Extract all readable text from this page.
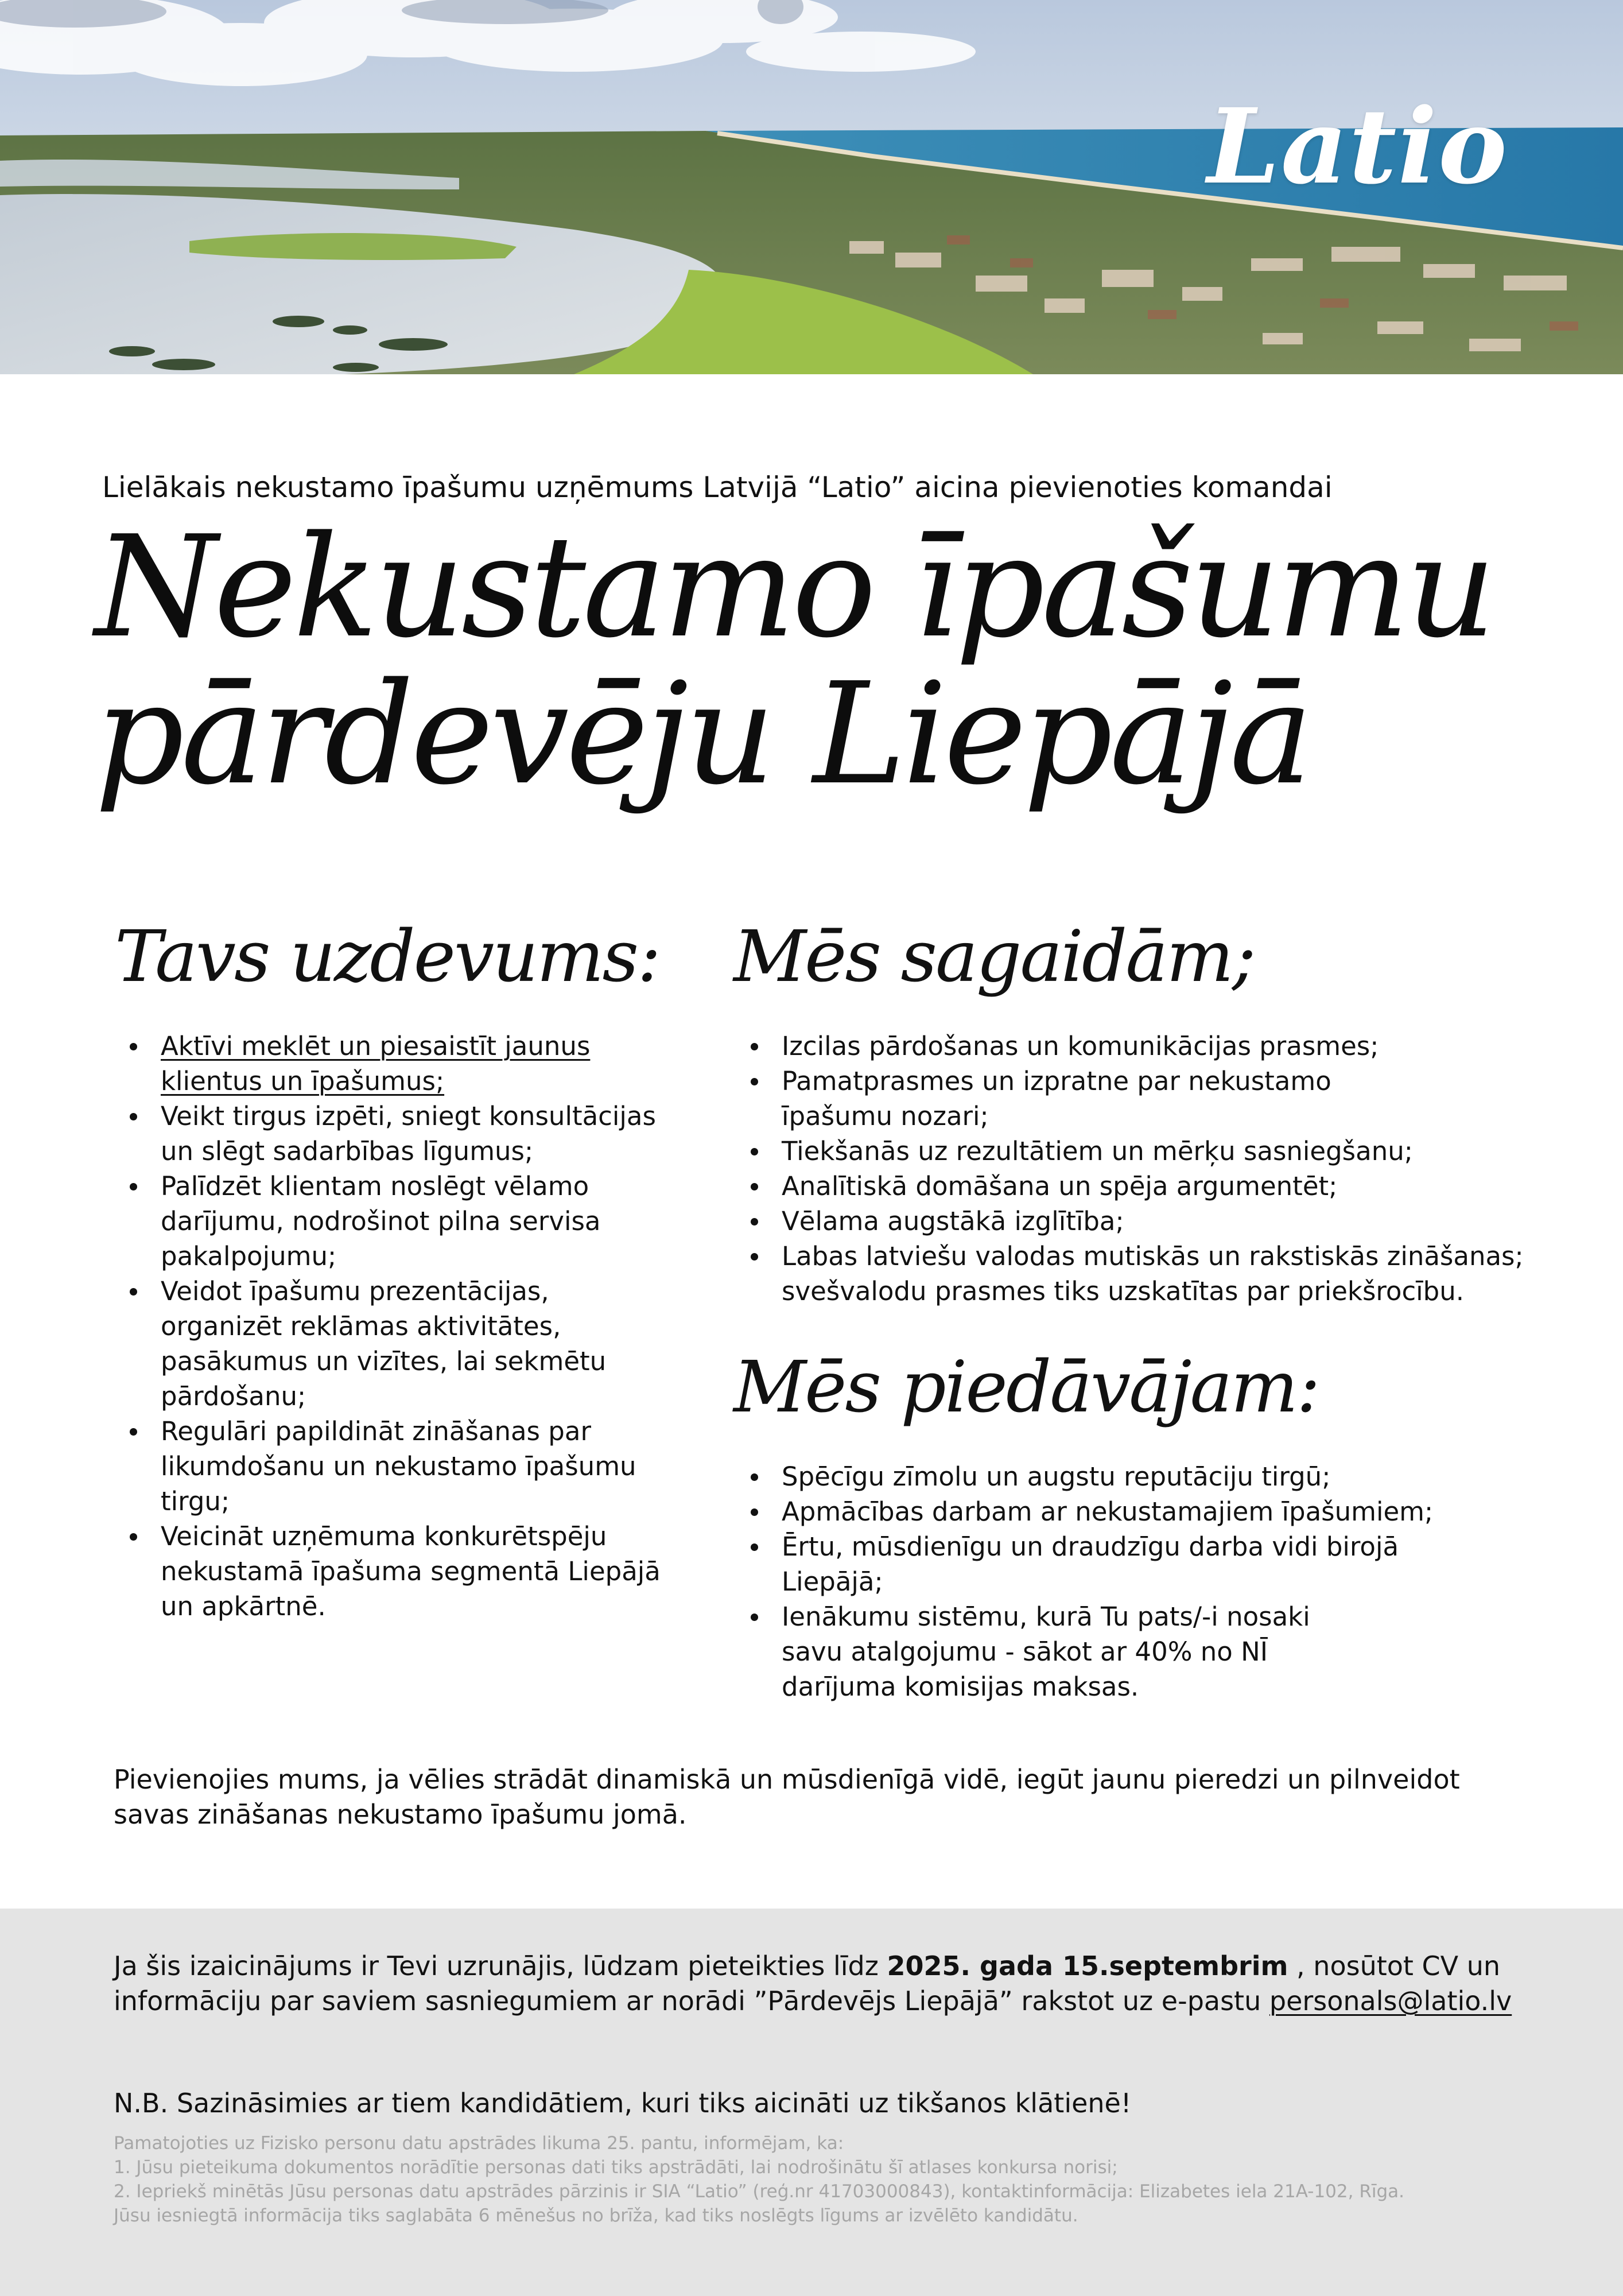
Latio
Lielākais nekustamo īpašumu uzņēmums Latvijā “Latio” aicina pievienoties komandai
Nekustamo īpašumu
pārdevēju Liepājā
Tavs uzdevums:
Aktīvi meklēt un piesaistīt jaunus klientus un īpašumus;
Veikt tirgus izpēti, sniegt konsultācijas un slēgt sadarbības līgumus;
Palīdzēt klientam noslēgt vēlamo darījumu, nodrošinot pilna servisa pakalpojumu;
Veidot īpašumu prezentācijas, organizēt reklāmas aktivitātes, pasākumus un vizītes, lai sekmētu pārdošanu;
Regulāri papildināt zināšanas par likumdošanu un nekustamo īpašumu tirgu;
Veicināt uzņēmuma konkurētspēju nekustamā īpašuma segmentā Liepājā un apkārtnē.
Mēs sagaidām;
Izcilas pārdošanas un komunikācijas prasmes;
Pamatprasmes un izpratne par nekustamo īpašumu nozari;
Tiekšanās uz rezultātiem un mērķu sasniegšanu;
Analītiskā domāšana un spēja argumentēt;
Vēlama augstākā izglītība;
Labas latviešu valodas mutiskās un rakstiskās zināšanas; svešvalodu prasmes tiks uzskatītas par priekšrocību.
Mēs piedāvājam:
Spēcīgu zīmolu un augstu reputāciju tirgū;
Apmācības darbam ar nekustamajiem īpašumiem;
Ērtu, mūsdienīgu un draudzīgu darba vidi birojā Liepājā;
Ienākumu sistēmu, kurā Tu pats/-i nosaki savu atalgojumu - sākot ar 40% no NĪ darījuma komisijas maksas.

Pievienojies mums, ja vēlies strādāt dinamiskā un mūsdienīgā vidē, iegūt jaunu pieredzi un pilnveidot savas zināšanas nekustamo īpašumu jomā.

Ja šis izaicinājums ir Tevi uzrunājis, lūdzam pieteikties līdz 2025. gada 15.septembrim , nosūtot CV un informāciju par saviem sasniegumiem ar norādi ”Pārdevējs Liepājā” rakstot uz e-pastu personals@latio.lv

N.B. Sazināsimies ar tiem kandidātiem, kuri tiks aicināti uz tikšanos klātienē!
Pamatojoties uz Fizisko personu datu apstrādes likuma 25. pantu, informējam, ka:
1. Jūsu pieteikuma dokumentos norādītie personas dati tiks apstrādāti, lai nodrošinātu šī atlases konkursa norisi;
2. Iepriekš minētās Jūsu personas datu apstrādes pārzinis ir SIA “Latio” (reģ.nr 41703000843), kontaktinformācija: Elizabetes iela 21A-102, Rīga.
Jūsu iesniegtā informācija tiks saglabāta 6 mēnešus no brīža, kad tiks noslēgts līgums ar izvēlēto kandidātu.
